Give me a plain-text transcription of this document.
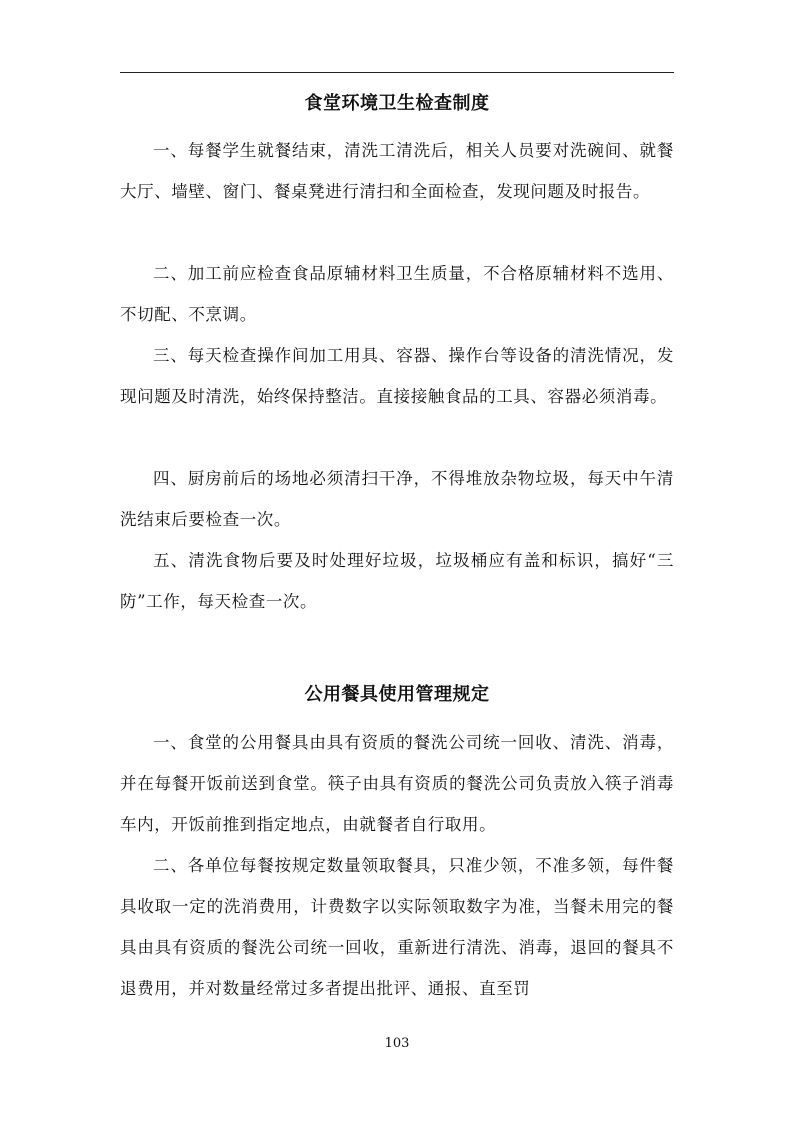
食堂环境卫生检查制度

一、每餐学生就餐结束，清洗工清洗后，相关人员要对洗碗间、就餐大厅、墙壁、窗门、餐桌凳进行清扫和全面检查，发现问题及时报告。

二、加工前应检查食品原辅材料卫生质量，不合格原辅材料不选用、不切配、不烹调。

三、每天检查操作间加工用具、容器、操作台等设备的清洗情况，发现问题及时清洗，始终保持整洁。直接接触食品的工具、容器必须消毒。

四、厨房前后的场地必须清扫干净，不得堆放杂物垃圾，每天中午清洗结束后要检查一次。

五、清洗食物后要及时处理好垃圾，垃圾桶应有盖和标识，搞好“三防”工作，每天检查一次。

公用餐具使用管理规定

一、食堂的公用餐具由具有资质的餐洗公司统一回收、清洗、消毒，并在每餐开饭前送到食堂。筷子由具有资质的餐洗公司负责放入筷子消毒车内，开饭前推到指定地点，由就餐者自行取用。

二、各单位每餐按规定数量领取餐具，只准少领，不准多领，每件餐具收取一定的洗消费用，计费数字以实际领取数字为准，当餐未用完的餐具由具有资质的餐洗公司统一回收，重新进行清洗、消毒，退回的餐具不退费用，并对数量经常过多者提出批评、通报、直至罚

103
